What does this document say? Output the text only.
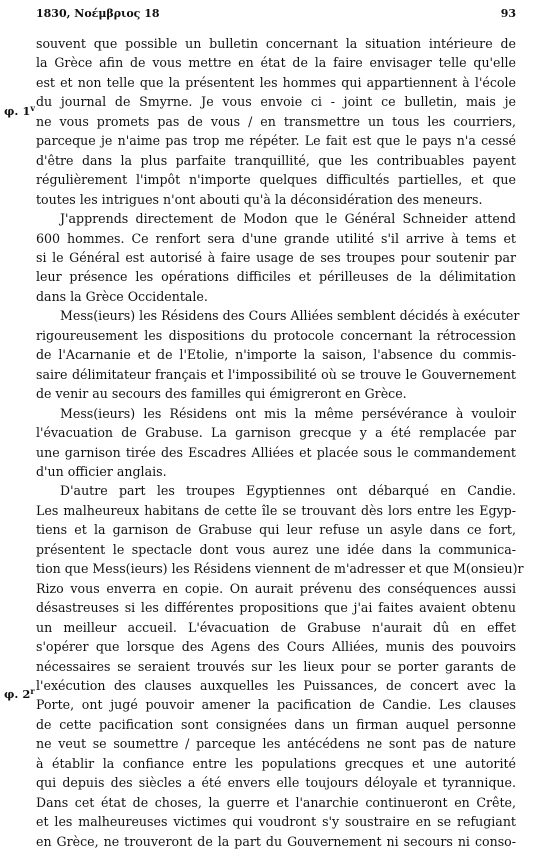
1830, Νοέμβριος 18	93
φ. 1$^v$
φ. 2$^r$

souvent que possible un bulletin concernant la situation intérieure de
la Grèce afin de vous mettre en état de la faire envisager telle qu'elle
est et non telle que la présentent les hommes qui appartiennent à l'école
du journal de Smyrne. Je vous envoie ci - joint ce bulletin, mais je
ne vous promets pas de vous / en transmettre un tous les courriers,
parceque je n'aime pas trop me répéter. Le fait est que le pays n'a cessé
d'être dans la plus parfaite tranquillité, que les contribuables payent
régulièrement l'impôt n'importe quelques difficultés partielles, et que
toutes les intrigues n'ont abouti qu'à la déconsidération des meneurs.

J'apprends directement de Modon que le Général Schneider attend
600 hommes. Ce renfort sera d'une grande utilité s'il arrive à tems et
si le Général est autorisé à faire usage de ses troupes pour soutenir par
leur présence les opérations difficiles et périlleuses de la délimitation
dans la Grèce Occidentale.

Mess(ieurs) les Résidens des Cours Alliées semblent décidés à exécuter
rigoureusement les dispositions du protocole concernant la rétrocession
de l'Acarnanie et de l'Etolie, n'importe la saison, l'absence du commis-
saire délimitateur français et l'impossibilité où se trouve le Gouvernement
de venir au secours des familles qui émigreront en Grèce.

Mess(ieurs) les Résidens ont mis la même persévérance à vouloir
l'évacuation de Grabuse. La garnison grecque y a été remplacée par
une garnison tirée des Escadres Alliées et placée sous le commandement
d'un officier anglais.

D'autre part les troupes Egyptiennes ont débarqué en Candie.
Les malheureux habitans de cette île se trouvant dès lors entre les Egyp-
tiens et la garnison de Grabuse qui leur refuse un asyle dans ce fort,
présentent le spectacle dont vous aurez une idée dans la communica-
tion que Mess(ieurs) les Résidens viennent de m'adresser et que M(onsieu)r
Rizo vous enverra en copie. On aurait prévenu des conséquences aussi
désastreuses si les différentes propositions que j'ai faites avaient obtenu
un meilleur accueil. L'évacuation de Grabuse n'aurait dû en effet
s'opérer que lorsque des Agens des Cours Alliées, munis des pouvoirs
nécessaires se seraient trouvés sur les lieux pour se porter garants de
l'exécution des clauses auxquelles les Puissances, de concert avec la
Porte, ont jugé pouvoir amener la pacification de Candie. Les clauses
de cette pacification sont consignées dans un firman auquel personne
ne veut se soumettre / parceque les antécédens ne sont pas de nature
à établir la confiance entre les populations grecques et une autorité
qui depuis des siècles a été envers elle toujours déloyale et tyrannique.
Dans cet état de choses, la guerre et l'anarchie continueront en Crête,
et les malheureuses victimes qui voudront s'y soustraire en se refugiant
en Grèce, ne trouveront de la part du Gouvernement ni secours ni conso-
